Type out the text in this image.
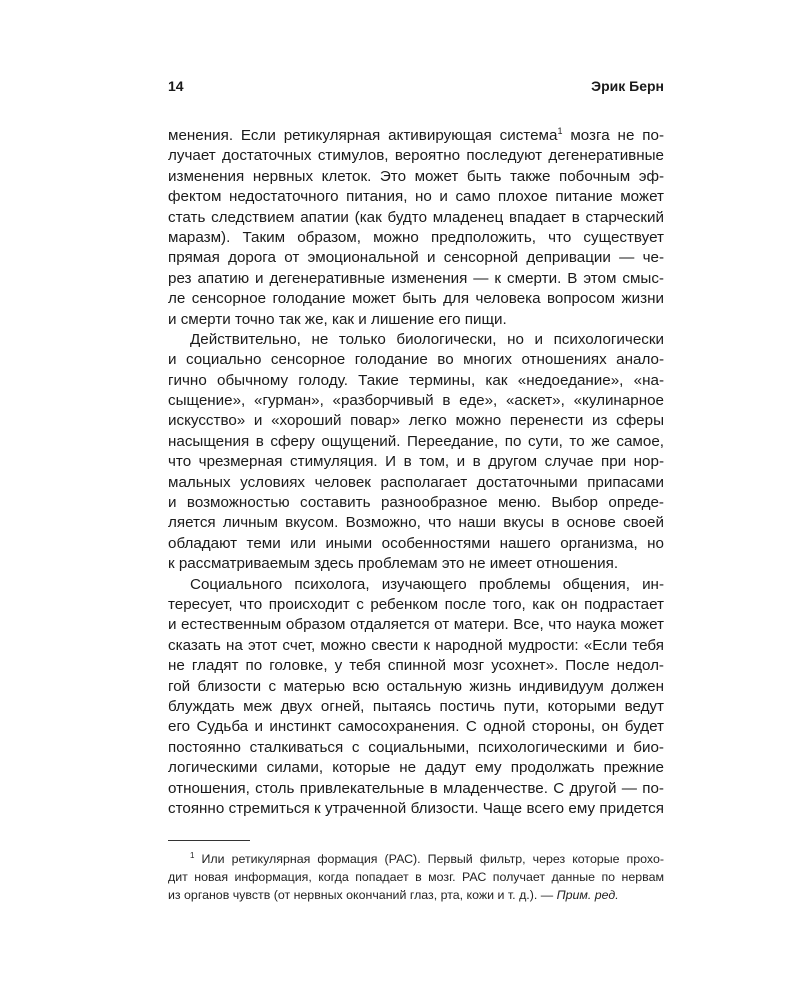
14	Эрик Берн
менения. Если ретикулярная активирующая система$^1$ мозга не по-
лучает достаточных стимулов, вероятно последуют дегенеративные
изменения нервных клеток. Это может быть также побочным эф-
фектом недостаточного питания, но и само плохое питание может
стать следствием апатии (как будто младенец впадает в старческий
маразм). Таким образом, можно предположить, что существует
прямая дорога от эмоциональной и сенсорной депривации — че-
рез апатию и дегенеративные изменения — к смерти. В этом смыс-
ле сенсорное голодание может быть для человека вопросом жизни
и смерти точно так же, как и лишение его пищи.
Действительно, не только биологически, но и психологически
и социально сенсорное голодание во многих отношениях анало-
гично обычному голоду. Такие термины, как «недоедание», «на-
сыщение», «гурман», «разборчивый в еде», «аскет», «кулинарное
искусство» и «хороший повар» легко можно перенести из сферы
насыщения в сферу ощущений. Переедание, по сути, то же самое,
что чрезмерная стимуляция. И в том, и в другом случае при нор-
мальных условиях человек располагает достаточными припасами
и возможностью составить разнообразное меню. Выбор опреде-
ляется личным вкусом. Возможно, что наши вкусы в основе своей
обладают теми или иными особенностями нашего организма, но
к рассматриваемым здесь проблемам это не имеет отношения.
Социального психолога, изучающего проблемы общения, ин-
тересует, что происходит с ребенком после того, как он подрастает
и естественным образом отдаляется от матери. Все, что наука может
сказать на этот счет, можно свести к народной мудрости: «Если тебя
не гладят по головке, у тебя спинной мозг усохнет». После недол-
гой близости с матерью всю остальную жизнь индивидуум должен
блуждать меж двух огней, пытаясь постичь пути, которыми ведут
его Судьба и инстинкт самосохранения. С одной стороны, он будет
постоянно сталкиваться с социальными, психологическими и био-
логическими силами, которые не дадут ему продолжать прежние
отношения, столь привлекательные в младенчестве. С другой — по-
стоянно стремиться к утраченной близости. Чаще всего ему придется
$^1$ Или ретикулярная формация (РАС). Первый фильтр, через которые прохо-
дит новая информация, когда попадает в мозг. РАС получает данные по нервам
из органов чувств (от нервных окончаний глаз, рта, кожи и т. д.). — Прим. ред.
